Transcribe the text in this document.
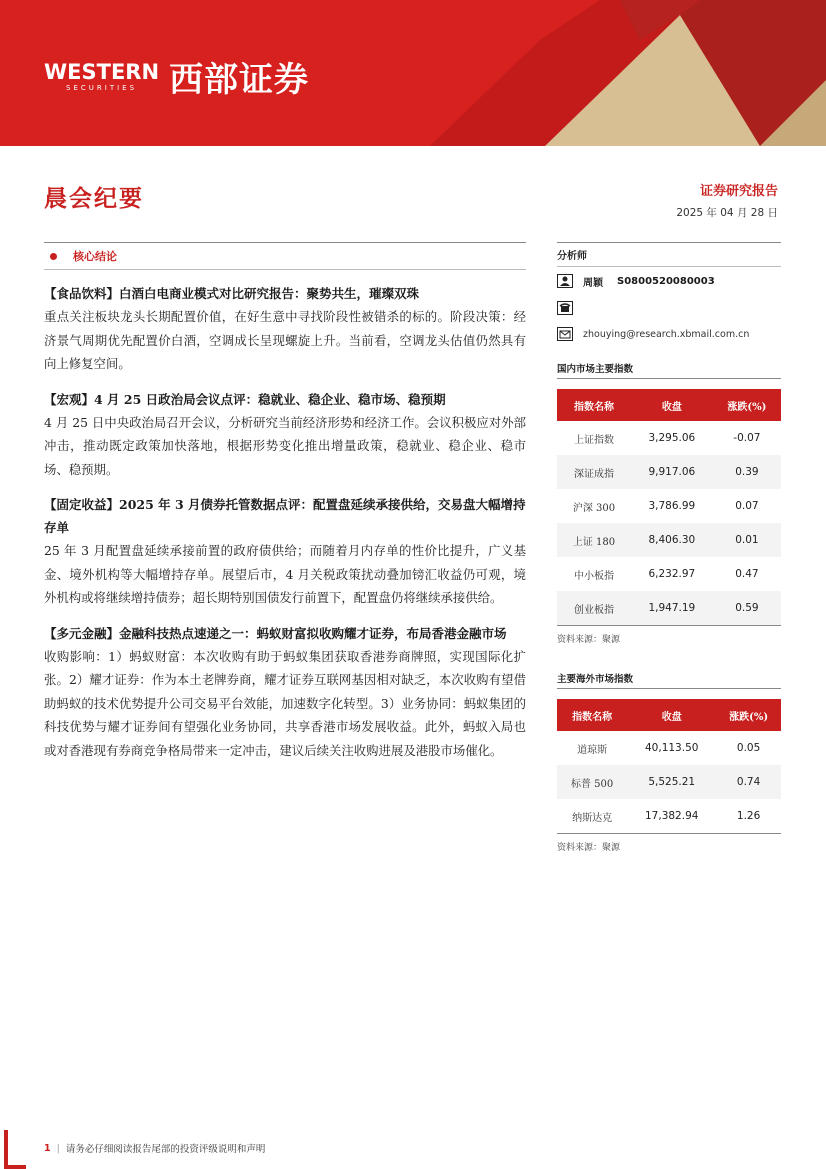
WESTERN
SECURITIES 西部证券
晨会纪要	证券研究报告
2025 年 04 月 28 日
核心结论
【食品饮料】白酒白电商业模式对比研究报告：聚势共生，璀璨双珠

重点关注板块龙头长期配置价值，在好生意中寻找阶段性被错杀的标的。阶段决策：经济景气周期优先配置价白酒，空调成长呈现螺旋上升。当前看，空调龙头估值仍然具有向上修复空间。

【宏观】4 月 25 日政治局会议点评：稳就业、稳企业、稳市场、稳预期

4 月 25 日中央政治局召开会议，分析研究当前经济形势和经济工作。会议积极应对外部冲击，推动既定政策加快落地，根据形势变化推出增量政策，稳就业、稳企业、稳市场、稳预期。

【固定收益】2025 年 3 月债券托管数据点评：配置盘延续承接供给，交易盘大幅增持存单

25 年 3 月配置盘延续承接前置的政府债供给；而随着月内存单的性价比提升，广义基金、境外机构等大幅增持存单。展望后市，4 月关税政策扰动叠加镑汇收益仍可观，境外机构或将继续增持债券；超长期特别国债发行前置下，配置盘仍将继续承接供给。

【多元金融】金融科技热点速递之一：蚂蚁财富拟收购耀才证券，布局香港金融市场

收购影响：1）蚂蚁财富：本次收购有助于蚂蚁集团获取香港券商牌照，实现国际化扩张。2）耀才证券：作为本土老牌券商，耀才证券互联网基因相对缺乏，本次收购有望借助蚂蚁的技术优势提升公司交易平台效能，加速数字化转型。3）业务协同：蚂蚁集团的科技优势与耀才证券间有望强化业务协同，共享香港市场发展收益。此外，蚂蚁入局也或对香港现有券商竞争格局带来一定冲击，建议后续关注收购进展及港股市场催化。

分析师
周颖 S0800520080003
zhouying@research.xbmail.com.cn
国内市场主要指数
指数名称	收盘	涨跌(%)
上证指数	3,295.06	-0.07
深证成指	9,917.06	0.39
沪深 300	3,786.99	0.07
上证 180	8,406.30	0.01
中小板指	6,232.97	0.47
创业板指	1,947.19	0.59
资料来源：聚源
主要海外市场指数
指数名称	收盘	涨跌(%)
道琼斯	40,113.50	0.05
标普 500	5,525.21	0.74
纳斯达克	17,382.94	1.26
资料来源：聚源
1 | 请务必仔细阅读报告尾部的投资评级说明和声明
